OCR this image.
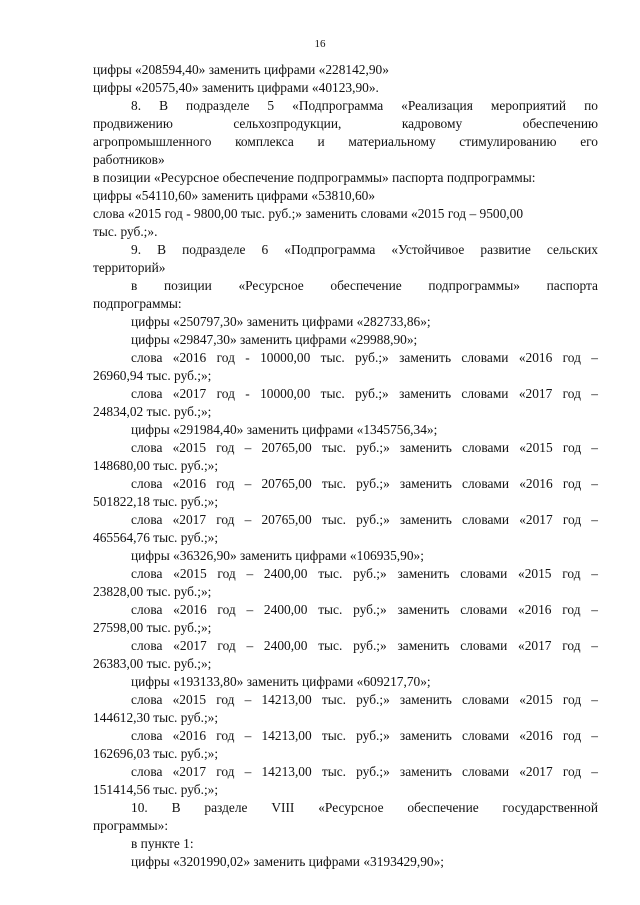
16
цифры «208594,40» заменить цифрами «228142,90»
цифры «20575,40» заменить цифрами «40123,90».
8. В подразделе 5 «Подпрограмма «Реализация мероприятий по
продвижению сельхозпродукции, кадровому обеспечению
агропромышленного комплекса и материальному стимулированию его
работников»
в позиции «Ресурсное обеспечение подпрограммы» паспорта подпрограммы:
цифры «54110,60» заменить цифрами «53810,60»
слова «2015 год - 9800,00 тыс. руб.;» заменить словами «2015 год – 9500,00
тыс. руб.;».
9. В подразделе 6 «Подпрограмма «Устойчивое развитие сельских
территорий»
в позиции «Ресурсное обеспечение подпрограммы» паспорта
подпрограммы:
цифры «250797,30» заменить цифрами «282733,86»;
цифры «29847,30» заменить цифрами «29988,90»;
слова «2016 год - 10000,00 тыс. руб.;» заменить словами «2016 год –
26960,94 тыс. руб.;»;
слова «2017 год - 10000,00 тыс. руб.;» заменить словами «2017 год –
24834,02 тыс. руб.;»;
цифры «291984,40» заменить цифрами «1345756,34»;
слова «2015 год – 20765,00 тыс. руб.;» заменить словами «2015 год –
148680,00 тыс. руб.;»;
слова «2016 год – 20765,00 тыс. руб.;» заменить словами «2016 год –
501822,18 тыс. руб.;»;
слова «2017 год – 20765,00 тыс. руб.;» заменить словами «2017 год –
465564,76 тыс. руб.;»;
цифры «36326,90» заменить цифрами «106935,90»;
слова «2015 год – 2400,00 тыс. руб.;» заменить словами «2015 год –
23828,00 тыс. руб.;»;
слова «2016 год – 2400,00 тыс. руб.;» заменить словами «2016 год –
27598,00 тыс. руб.;»;
слова «2017 год – 2400,00 тыс. руб.;» заменить словами «2017 год –
26383,00 тыс. руб.;»;
цифры «193133,80» заменить цифрами «609217,70»;
слова «2015 год – 14213,00 тыс. руб.;» заменить словами «2015 год –
144612,30 тыс. руб.;»;
слова «2016 год – 14213,00 тыс. руб.;» заменить словами «2016 год –
162696,03 тыс. руб.;»;
слова «2017 год – 14213,00 тыс. руб.;» заменить словами «2017 год –
151414,56 тыс. руб.;»;
10. В разделе VIII «Ресурсное обеспечение государственной
программы»:
в пункте 1:
цифры «3201990,02» заменить цифрами «3193429,90»;
